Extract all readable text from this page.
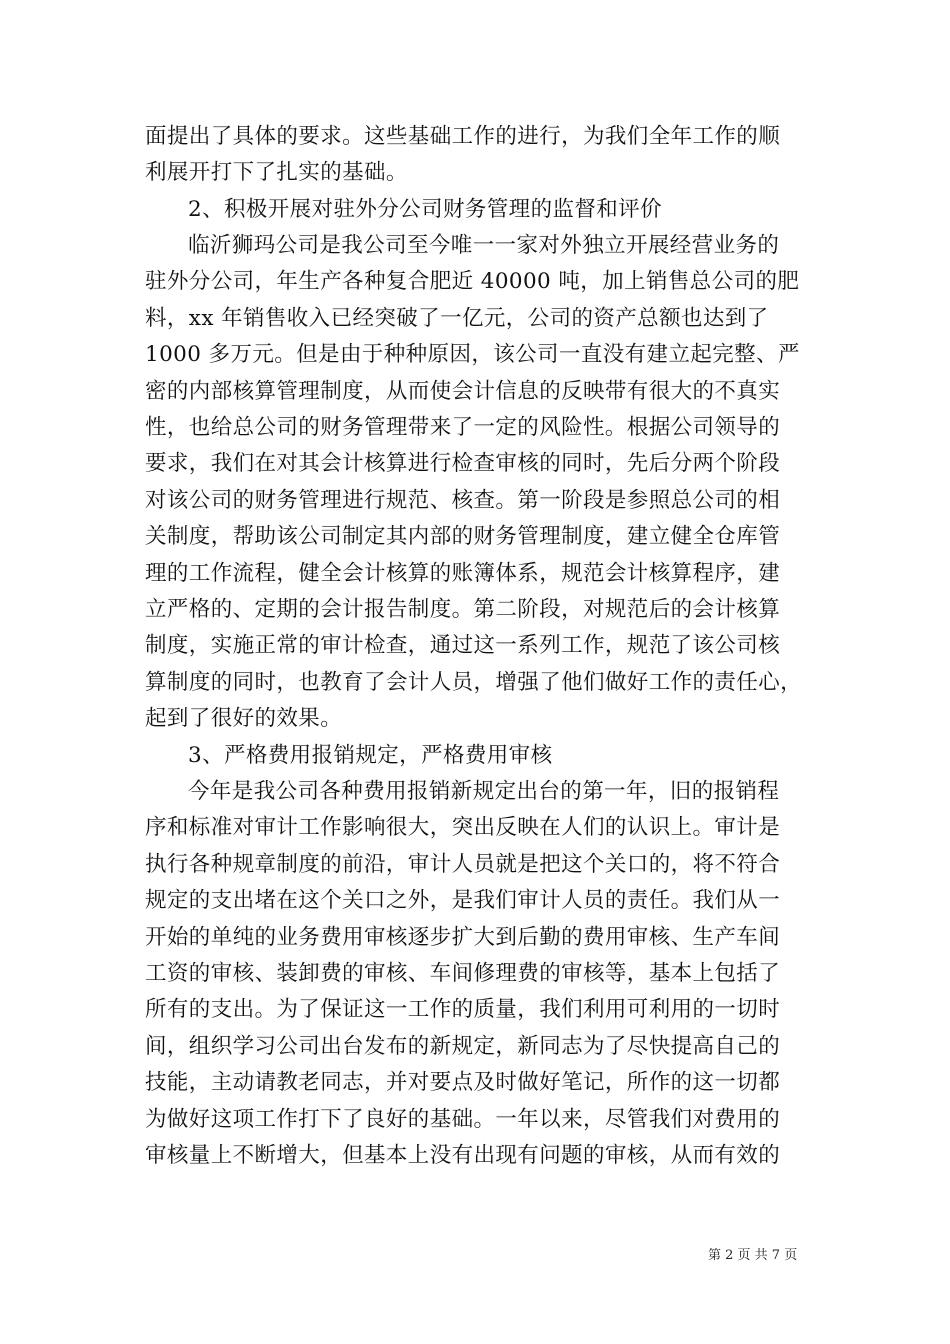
面提出了具体的要求。这些基础工作的进行，为我们全年工作的顺
利展开打下了扎实的基础。
2、积极开展对驻外分公司财务管理的监督和评价
临沂狮玛公司是我公司至今唯一一家对外独立开展经营业务的
驻外分公司，年生产各种复合肥近 40000 吨，加上销售总公司的肥
料，xx 年销售收入已经突破了一亿元，公司的资产总额也达到了
1000 多万元。但是由于种种原因，该公司一直没有建立起完整、严
密的内部核算管理制度，从而使会计信息的反映带有很大的不真实
性，也给总公司的财务管理带来了一定的风险性。根据公司领导的
要求，我们在对其会计核算进行检查审核的同时，先后分两个阶段
对该公司的财务管理进行规范、核查。第一阶段是参照总公司的相
关制度，帮助该公司制定其内部的财务管理制度，建立健全仓库管
理的工作流程，健全会计核算的账簿体系，规范会计核算程序，建
立严格的、定期的会计报告制度。第二阶段，对规范后的会计核算
制度，实施正常的审计检查，通过这一系列工作，规范了该公司核
算制度的同时，也教育了会计人员，增强了他们做好工作的责任心，
起到了很好的效果。
3、严格费用报销规定，严格费用审核
今年是我公司各种费用报销新规定出台的第一年，旧的报销程
序和标准对审计工作影响很大，突出反映在人们的认识上。审计是
执行各种规章制度的前沿，审计人员就是把这个关口的，将不符合
规定的支出堵在这个关口之外，是我们审计人员的责任。我们从一
开始的单纯的业务费用审核逐步扩大到后勤的费用审核、生产车间
工资的审核、装卸费的审核、车间修理费的审核等，基本上包括了
所有的支出。为了保证这一工作的质量，我们利用可利用的一切时
间，组织学习公司出台发布的新规定，新同志为了尽快提高自己的
技能，主动请教老同志，并对要点及时做好笔记，所作的这一切都
为做好这项工作打下了良好的基础。一年以来，尽管我们对费用的
审核量上不断增大，但基本上没有出现有问题的审核，从而有效的
第 2 页 共 7 页
